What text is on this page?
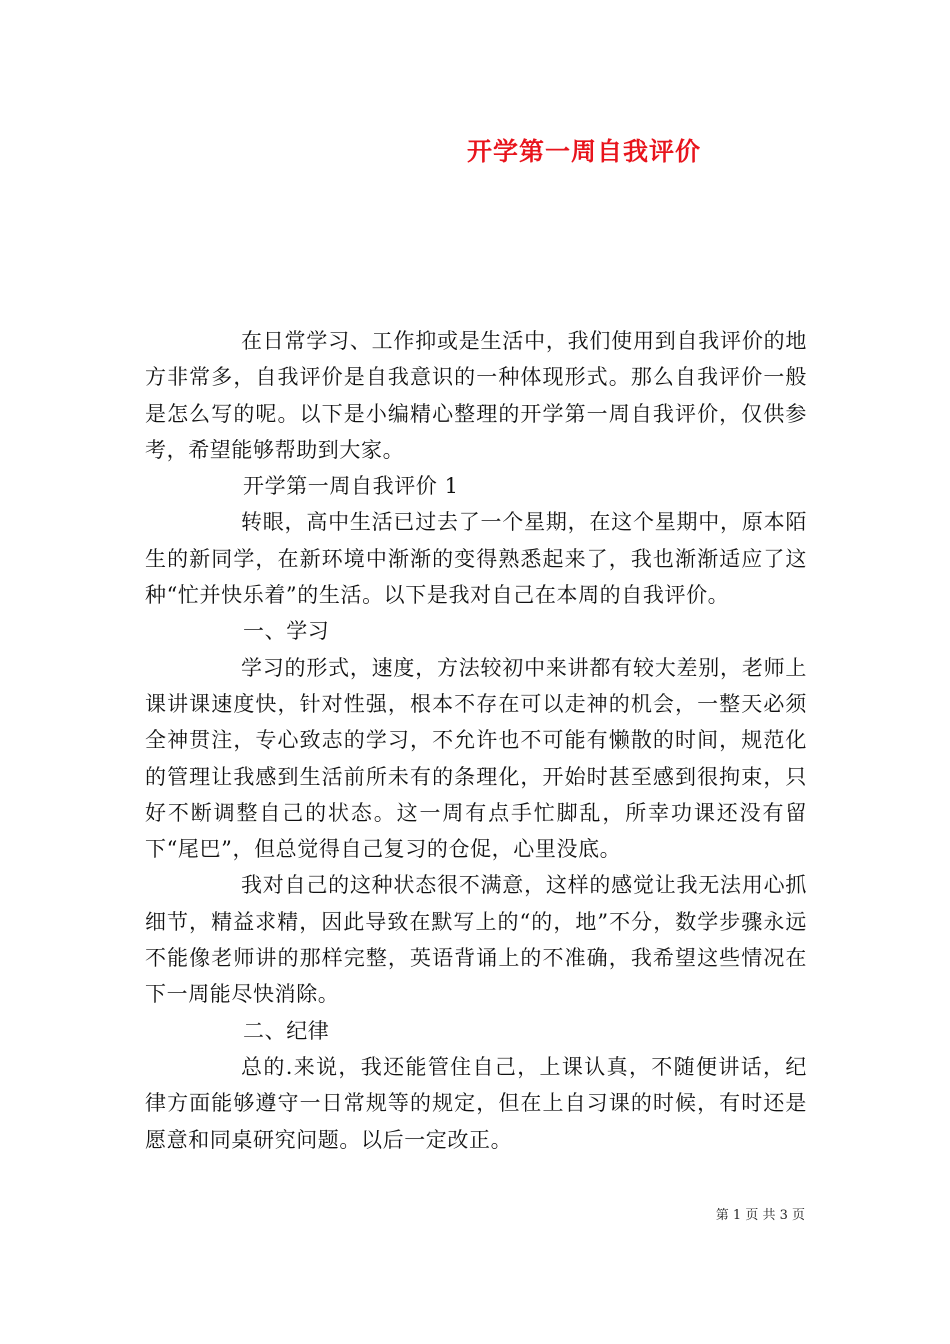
开学第一周自我评价

在日常学习、工作抑或是生活中，我们使用到自我评价的地方非常多，自我评价是自我意识的一种体现形式。那么自我评价一般是怎么写的呢。以下是小编精心整理的开学第一周自我评价，仅供参考，希望能够帮助到大家。

开学第一周自我评价 1

转眼，高中生活已过去了一个星期，在这个星期中，原本陌生的新同学，在新环境中渐渐的变得熟悉起来了，我也渐渐适应了这种“忙并快乐着”的生活。以下是我对自己在本周的自我评价。

一、学习

学习的形式，速度，方法较初中来讲都有较大差别，老师上课讲课速度快，针对性强，根本不存在可以走神的机会，一整天必须全神贯注，专心致志的学习，不允许也不可能有懒散的时间，规范化的管理让我感到生活前所未有的条理化，开始时甚至感到很拘束，只好不断调整自己的状态。这一周有点手忙脚乱，所幸功课还没有留下“尾巴”，但总觉得自己复习的仓促，心里没底。

我对自己的这种状态很不满意，这样的感觉让我无法用心抓细节，精益求精，因此导致在默写上的“的，地”不分，数学步骤永远不能像老师讲的那样完整，英语背诵上的不准确，我希望这些情况在下一周能尽快消除。

二、纪律

总的.来说，我还能管住自己，上课认真，不随便讲话，纪律方面能够遵守一日常规等的规定，但在上自习课的时候，有时还是愿意和同桌研究问题。以后一定改正。

第 1 页 共 3 页
